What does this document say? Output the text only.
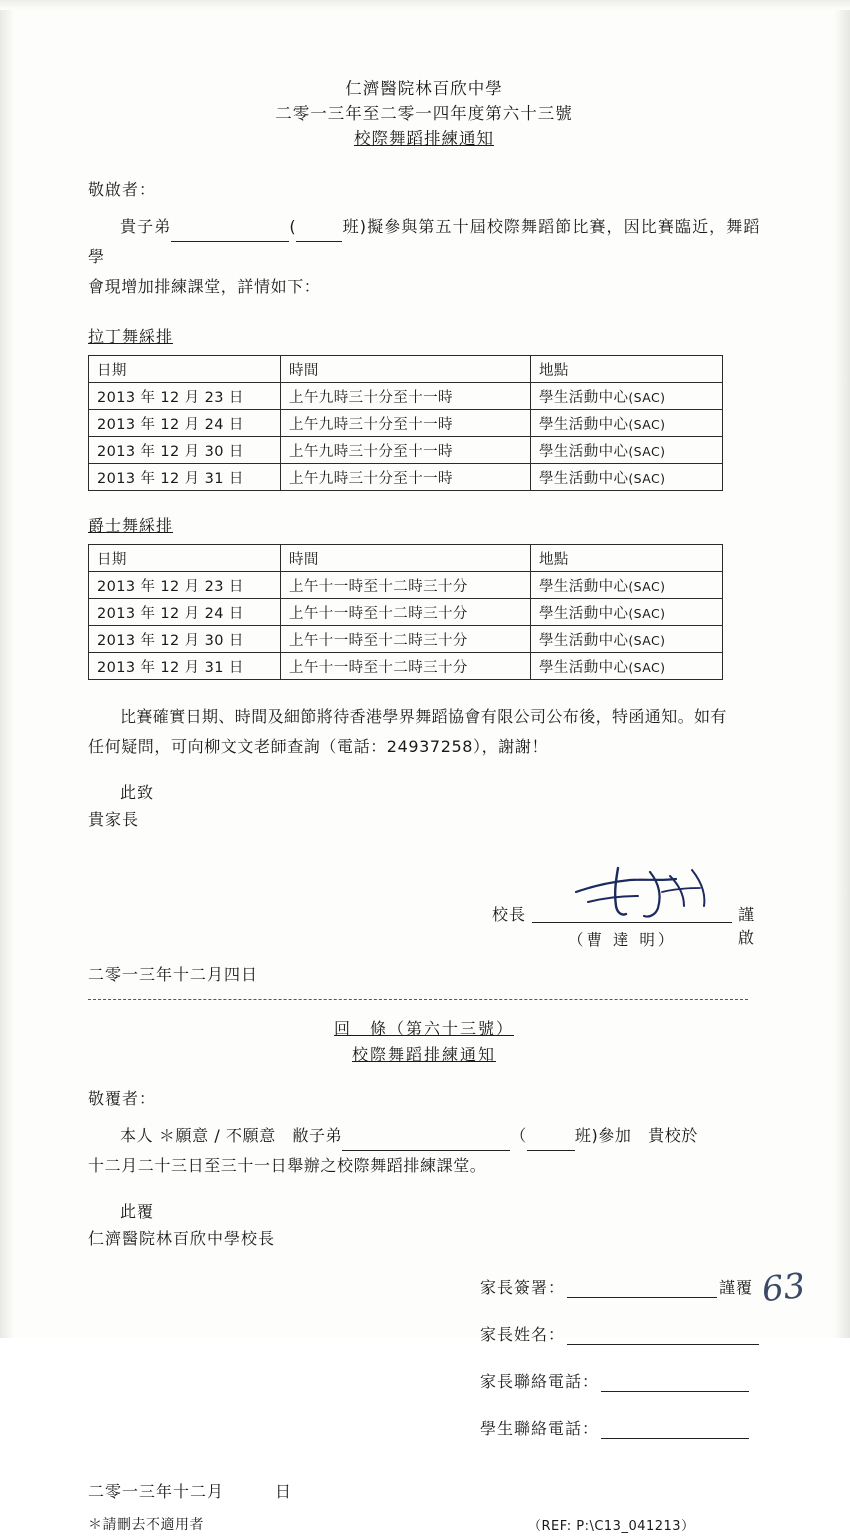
仁濟醫院林百欣中學
二零一三年至二零一四年度第六十三號
校際舞蹈排練通知
敬啟者：
貴子弟	(	班)擬參與第五十屆校際舞蹈節比賽，因比賽臨近，舞蹈學
會現增加排練課堂，詳情如下：
拉丁舞綵排
日期	時間	地點
2013 年 12 月 23 日	上午九時三十分至十一時	學生活動中心(SAC)
2013 年 12 月 24 日	上午九時三十分至十一時	學生活動中心(SAC)
2013 年 12 月 30 日	上午九時三十分至十一時	學生活動中心(SAC)
2013 年 12 月 31 日	上午九時三十分至十一時	學生活動中心(SAC)
爵士舞綵排
日期	時間	地點
2013 年 12 月 23 日	上午十一時至十二時三十分	學生活動中心(SAC)
2013 年 12 月 24 日	上午十一時至十二時三十分	學生活動中心(SAC)
2013 年 12 月 30 日	上午十一時至十二時三十分	學生活動中心(SAC)
2013 年 12 月 31 日	上午十一時至十二時三十分	學生活動中心(SAC)
比賽確實日期、時間及細節將待香港學界舞蹈協會有限公司公布後，特函通知。如有
任何疑問，可向柳文文老師查詢（電話：24937258），謝謝！
此致
貴家長
校長	謹啟
（曹 達 明）
二零一三年十二月四日
回　條（第六十三號）
校際舞蹈排練通知
敬覆者：
本人 ＊願意 / 不願意　敝子弟	（	班)參加　貴校於
十二月二十三日至三十一日舉辦之校際舞蹈排練課堂。
此覆
仁濟醫院林百欣中學校長
家長簽署：	謹覆
家長姓名：
家長聯絡電話：
學生聯絡電話：
二零一三年十二月　　　日
＊請刪去不適用者	（REF: P:\C13_041213）
63
